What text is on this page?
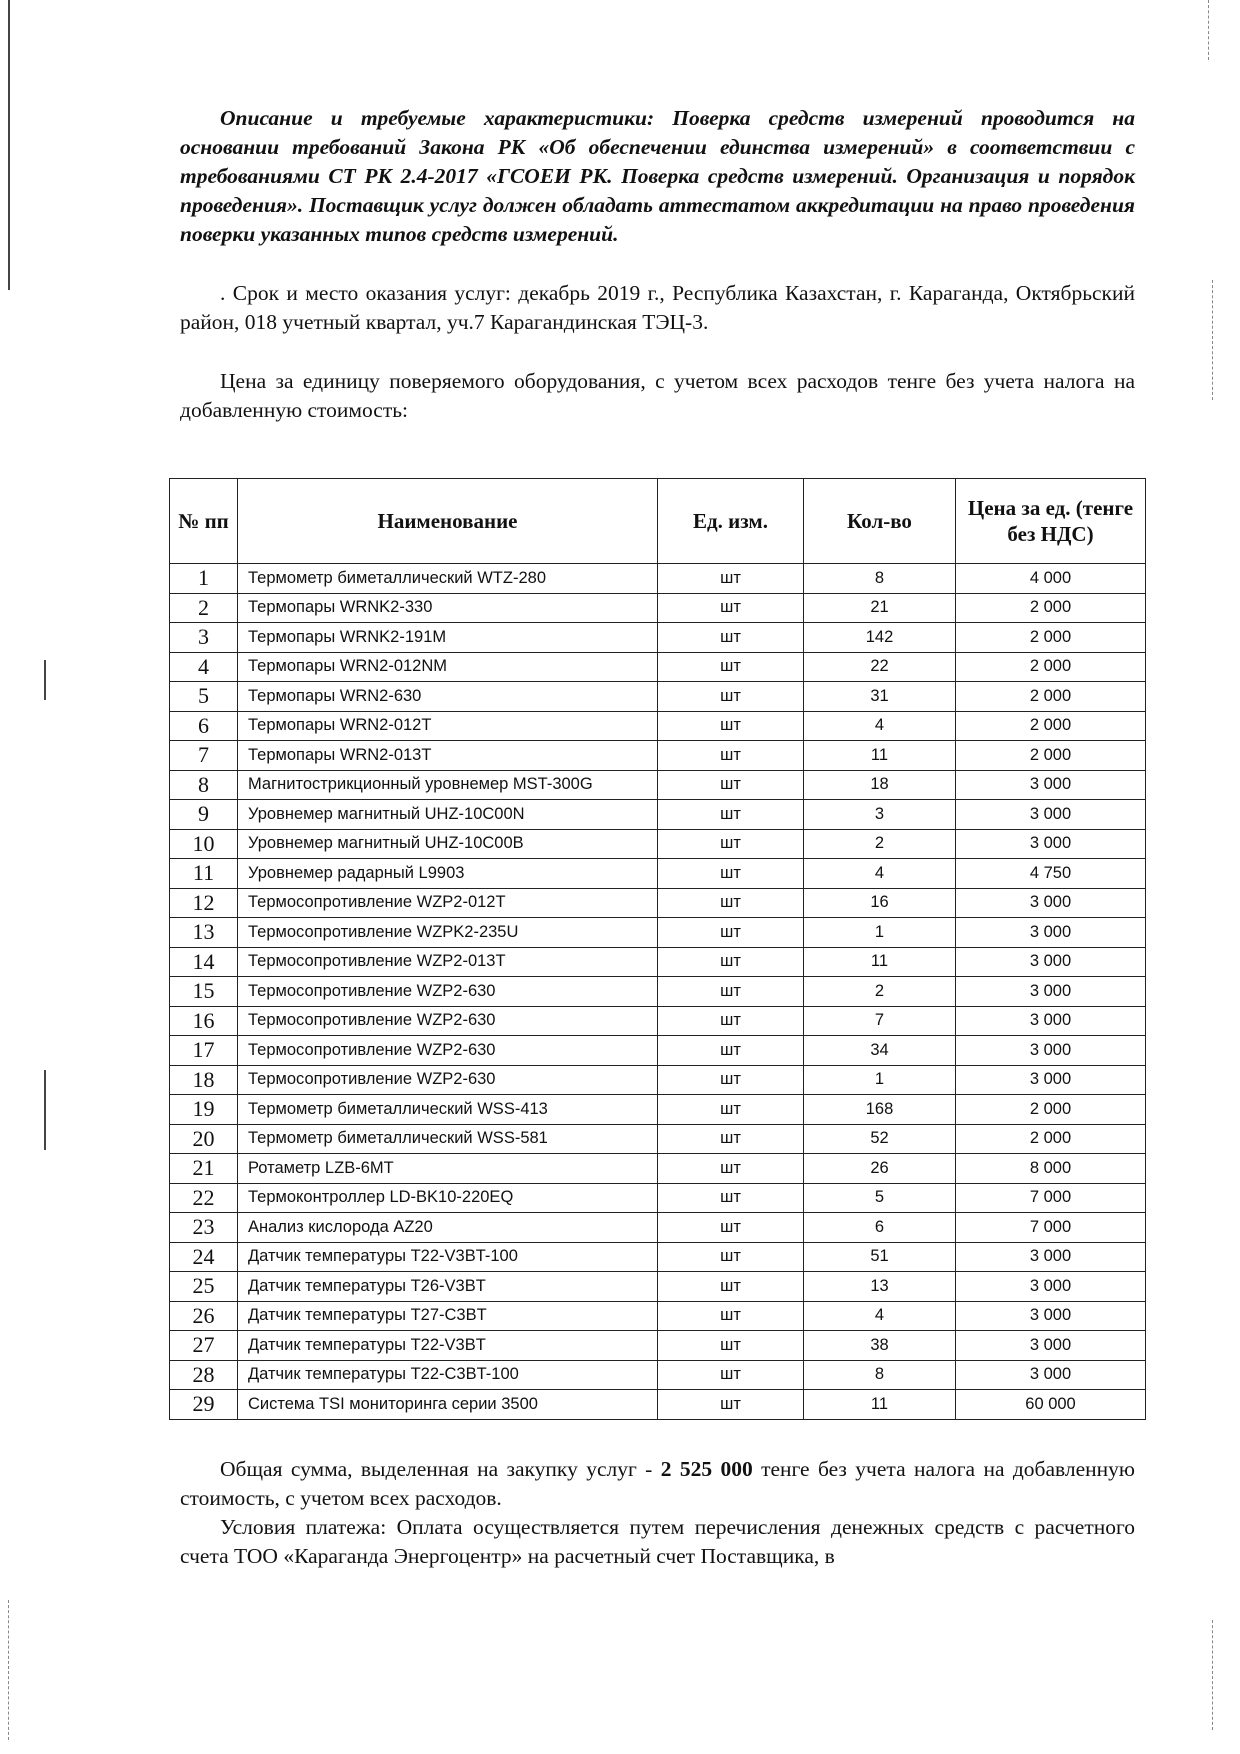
Описание и требуемые характеристики: Поверка средств измерений проводится на основании требований Закона РК «Об обеспечении единства измерений» в соответствии с требованиями СТ РК 2.4-2017 «ГСОЕИ РК. Поверка средств измерений. Организация и порядок проведения». Поставщик услуг должен обладать аттестатом аккредитации на право проведения поверки указанных типов средств измерений.

. Срок и место оказания услуг: декабрь 2019 г., Республика Казахстан, г. Караганда, Октябрьский район, 018 учетный квартал, уч.7 Карагандинская ТЭЦ-3.

Цена за единицу поверяемого оборудования, с учетом всех расходов тенге без учета налога на добавленную стоимость:

№ пп	Наименование	Ед. изм.	Кол-во	Цена за ед. (тенге без НДС)
1	Термометр биметаллический WTZ-280	шт	8	4 000
2	Термопары WRNK2-330	шт	21	2 000
3	Термопары WRNK2-191M	шт	142	2 000
4	Термопары WRN2-012NM	шт	22	2 000
5	Термопары WRN2-630	шт	31	2 000
6	Термопары WRN2-012T	шт	4	2 000
7	Термопары WRN2-013T	шт	11	2 000
8	Магнитострикционный уровнемер MST-300G	шт	18	3 000
9	Уровнемер магнитный UHZ-10C00N	шт	3	3 000
10	Уровнемер магнитный UHZ-10C00B	шт	2	3 000
11	Уровнемер радарный L9903	шт	4	4 750
12	Термосопротивление WZP2-012T	шт	16	3 000
13	Термосопротивление WZPK2-235U	шт	1	3 000
14	Термосопротивление WZP2-013T	шт	11	3 000
15	Термосопротивление WZP2-630	шт	2	3 000
16	Термосопротивление WZP2-630	шт	7	3 000
17	Термосопротивление WZP2-630	шт	34	3 000
18	Термосопротивление WZP2-630	шт	1	3 000
19	Термометр биметаллический WSS-413	шт	168	2 000
20	Термометр биметаллический WSS-581	шт	52	2 000
21	Ротаметр LZB-6MT	шт	26	8 000
22	Термоконтроллер LD-BK10-220EQ	шт	5	7 000
23	Анализ кислорода AZ20	шт	6	7 000
24	Датчик температуры T22-V3BT-100	шт	51	3 000
25	Датчик температуры T26-V3BT	шт	13	3 000
26	Датчик температуры T27-C3BT	шт	4	3 000
27	Датчик температуры T22-V3BT	шт	38	3 000
28	Датчик температуры T22-C3BT-100	шт	8	3 000
29	Система TSI мониторинга серии 3500	шт	11	60 000

Общая сумма, выделенная на закупку услуг - 2 525 000 тенге без учета налога на добавленную стоимость, с учетом всех расходов.

Условия платежа: Оплата осуществляется путем перечисления денежных средств с расчетного счета ТОО «Караганда Энергоцентр» на расчетный счет Поставщика, в
